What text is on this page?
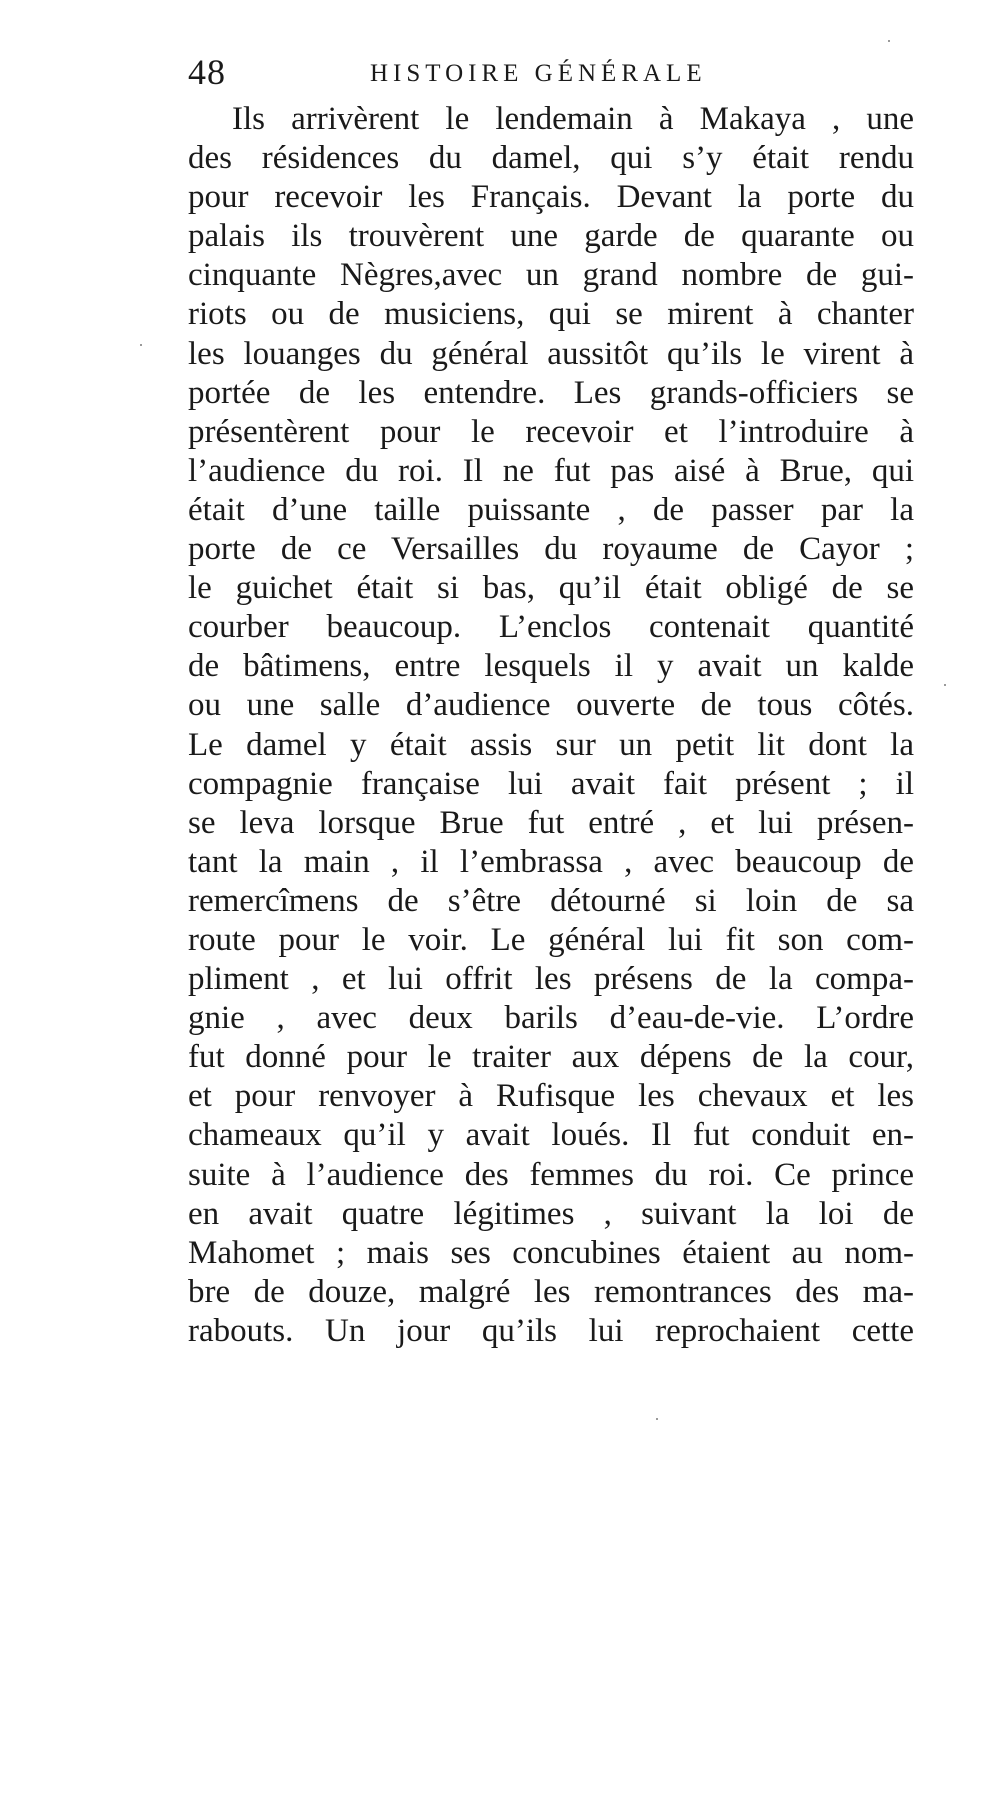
48	HISTOIRE GÉNÉRALE
Ils arrivèrent le lendemain à Makaya , une
des résidences du damel, qui s’y était rendu
pour recevoir les Français. Devant la porte du
palais ils trouvèrent une garde de quarante ou
cinquante Nègres,avec un grand nombre de gui-
riots ou de musiciens, qui se mirent à chanter
les louanges du général aussitôt qu’ils le virent à
portée de les entendre. Les grands-officiers se
présentèrent pour le recevoir et l’introduire à
l’audience du roi. Il ne fut pas aisé à Brue, qui
était d’une taille puissante , de passer par la
porte de ce Versailles du royaume de Cayor ;
le guichet était si bas, qu’il était obligé de se
courber beaucoup. L’enclos contenait quantité
de bâtimens, entre lesquels il y avait un kalde
ou une salle d’audience ouverte de tous côtés.
Le damel y était assis sur un petit lit dont la
compagnie française lui avait fait présent ; il
se leva lorsque Brue fut entré , et lui présen-
tant la main , il l’embrassa , avec beaucoup de
remercîmens de s’être détourné si loin de sa
route pour le voir. Le général lui fit son com-
pliment , et lui offrit les présens de la compa-
gnie , avec deux barils d’eau-de-vie. L’ordre
fut donné pour le traiter aux dépens de la cour,
et pour renvoyer à Rufisque les chevaux et les
chameaux qu’il y avait loués. Il fut conduit en-
suite à l’audience des femmes du roi. Ce prince
en avait quatre légitimes , suivant la loi de
Mahomet ; mais ses concubines étaient au nom-
bre de douze, malgré les remontrances des ma-
rabouts. Un jour qu’ils lui reprochaient cette
